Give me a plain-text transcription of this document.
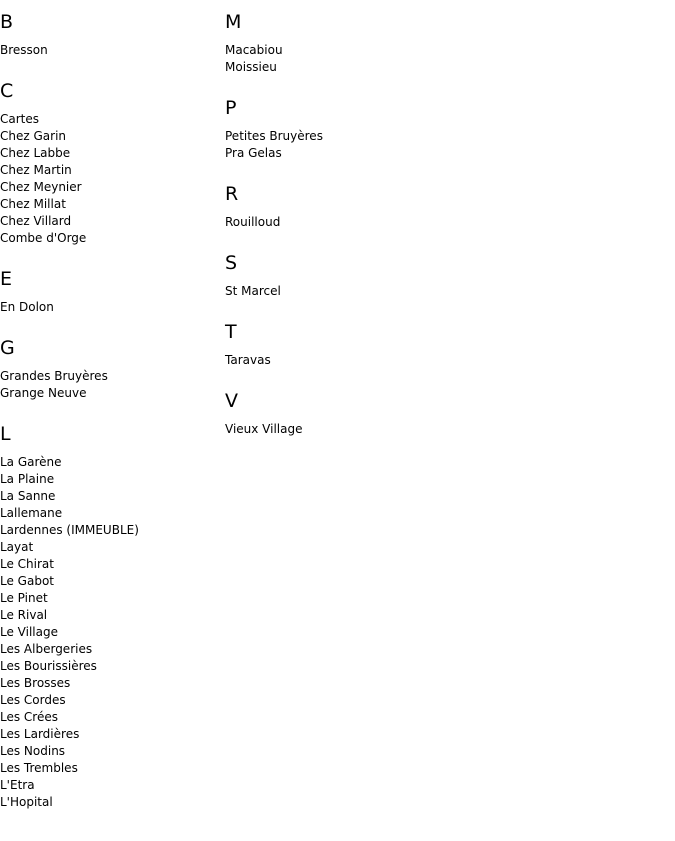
B
Bresson
C
Cartes
Chez Garin
Chez Labbe
Chez Martin
Chez Meynier
Chez Millat
Chez Villard
Combe d'Orge
E
En Dolon
G
Grandes Bruyères
Grange Neuve
L
La Garène
La Plaine
La Sanne
Lallemane
Lardennes (IMMEUBLE)
Layat
Le Chirat
Le Gabot
Le Pinet
Le Rival
Le Village
Les Albergeries
Les Bourissières
Les Brosses
Les Cordes
Les Crées
Les Lardières
Les Nodins
Les Trembles
L'Etra
L'Hopital
M
Macabiou
Moissieu
P
Petites Bruyères
Pra Gelas
R
Rouilloud
S
St Marcel
T
Taravas
V
Vieux Village
